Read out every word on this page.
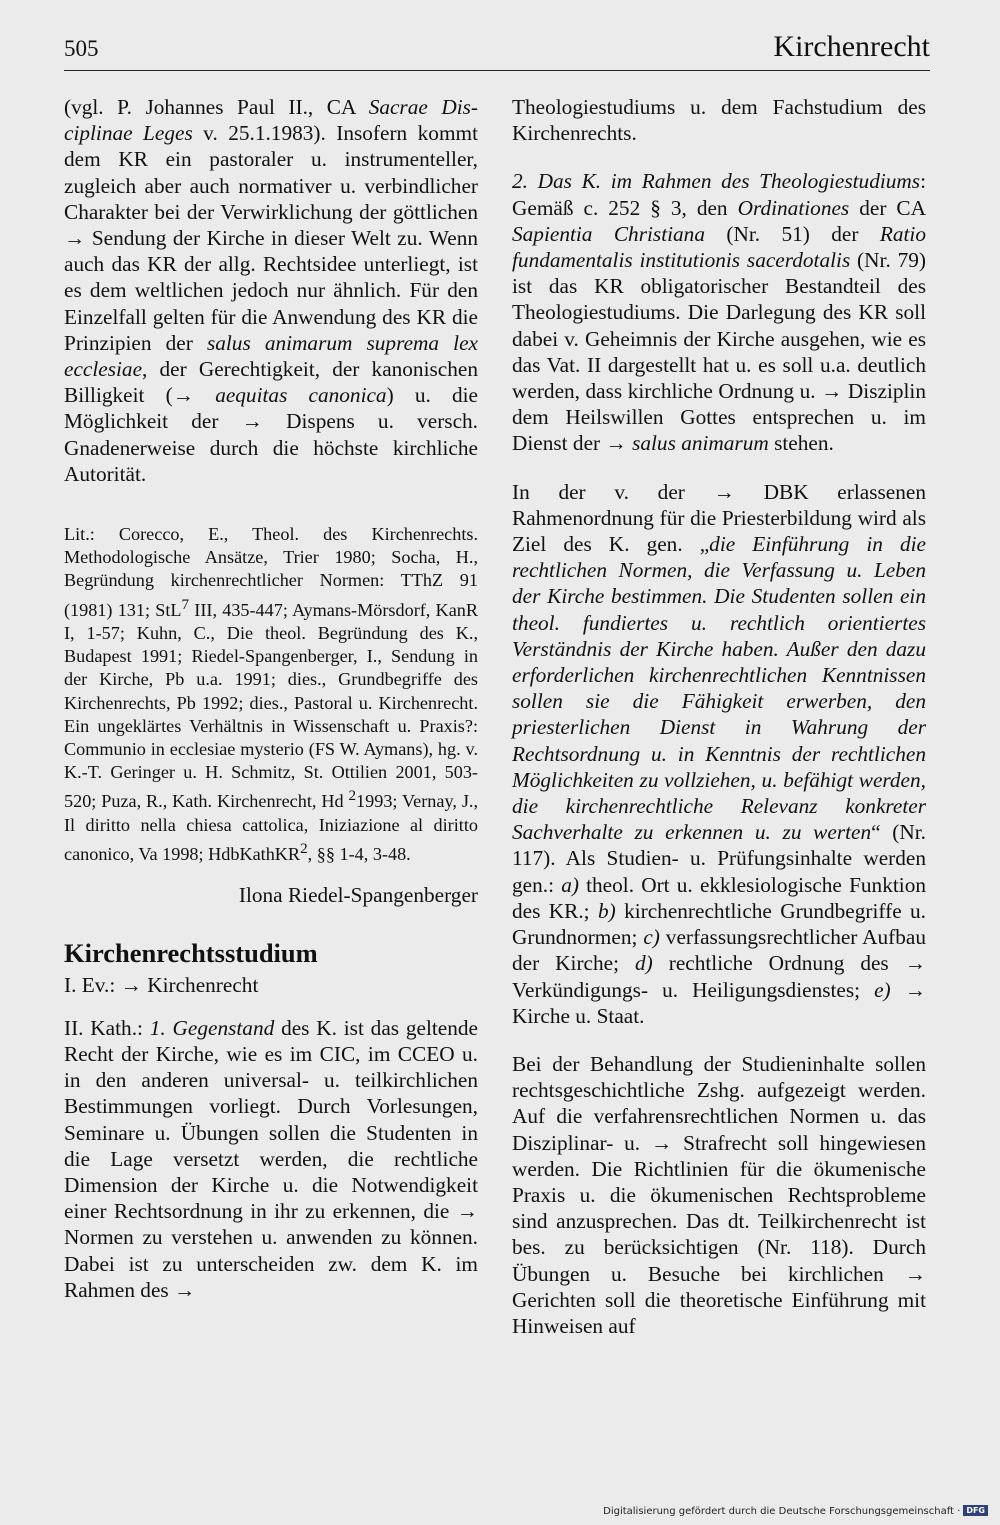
505	Kirchenrecht

(vgl. P. Johannes Paul II., CA Sacrae Dis-ciplinae Leges v. 25.1.1983). Insofern kommt dem KR ein pastoraler u. instrumenteller, zugleich aber auch normativer u. verbindlicher Charakter bei der Verwirklichung der göttlichen → Sendung der Kirche in dieser Welt zu. Wenn auch das KR der allg. Rechtsidee unterliegt, ist es dem weltlichen jedoch nur ähnlich. Für den Einzelfall gelten für die Anwendung des KR die Prinzipien der salus animarum suprema lex ecclesiae, der Gerechtigkeit, der kanonischen Billigkeit (→ aequitas canonica) u. die Möglichkeit der → Dispens u. versch. Gnadenerweise durch die höchste kirchliche Autorität.

Lit.: Corecco, E., Theol. des Kirchenrechts. Methodologische Ansätze, Trier 1980; Socha, H., Begründung kirchenrechtlicher Normen: TThZ 91 (1981) 131; StL$^7$ III, 435-447; Aymans-Mörsdorf, KanR I, 1-57; Kuhn, C., Die theol. Begründung des K., Budapest 1991; Riedel-Spangenberger, I., Sendung in der Kirche, Pb u.a. 1991; dies., Grundbegriffe des Kirchenrechts, Pb 1992; dies., Pastoral u. Kirchenrecht. Ein ungeklärtes Verhältnis in Wissenschaft u. Praxis?: Communio in ecclesiae mysterio (FS W. Aymans), hg. v. K.-T. Geringer u. H. Schmitz, St. Ottilien 2001, 503-520; Puza, R., Kath. Kirchenrecht, Hd $^2$1993; Vernay, J., Il diritto nella chiesa cattolica, Iniziazione al diritto canonico, Va 1998; HdbKathKR$^2$, §§ 1-4, 3-48.

Ilona Riedel-Spangenberger

Kirchenrechtsstudium

I. Ev.: → Kirchenrecht

II. Kath.: 1. Gegenstand des K. ist das geltende Recht der Kirche, wie es im CIC, im CCEO u. in den anderen universal- u. teilkirchlichen Bestimmungen vorliegt. Durch Vorlesungen, Seminare u. Übungen sollen die Studenten in die Lage versetzt werden, die rechtliche Dimension der Kirche u. die Notwendigkeit einer Rechtsordnung in ihr zu erkennen, die → Normen zu verstehen u. anwenden zu können. Dabei ist zu unterscheiden zw. dem K. im Rahmen des →

Theologiestudiums u. dem Fachstudium des Kirchenrechts.

2. Das K. im Rahmen des Theologiestudiums: Gemäß c. 252 § 3, den Ordinationes der CA Sapientia Christiana (Nr. 51) der Ratio fundamentalis institutionis sacerdotalis (Nr. 79) ist das KR obligatorischer Bestandteil des Theologiestudiums. Die Darlegung des KR soll dabei v. Geheimnis der Kirche ausgehen, wie es das Vat. II dargestellt hat u. es soll u.a. deutlich werden, dass kirchliche Ordnung u. → Disziplin dem Heilswillen Gottes entsprechen u. im Dienst der → salus animarum stehen.

In der v. der → DBK erlassenen Rahmenordnung für die Priesterbildung wird als Ziel des K. gen. „die Einführung in die rechtlichen Normen, die Verfassung u. Leben der Kirche bestimmen. Die Studenten sollen ein theol. fundiertes u. rechtlich orientiertes Verständnis der Kirche haben. Außer den dazu erforderlichen kirchenrechtlichen Kenntnissen sollen sie die Fähigkeit erwerben, den priesterlichen Dienst in Wahrung der Rechtsordnung u. in Kenntnis der rechtlichen Möglichkeiten zu vollziehen, u. befähigt werden, die kirchenrechtliche Relevanz konkreter Sachverhalte zu erkennen u. zu werten“ (Nr. 117). Als Studien- u. Prüfungsinhalte werden gen.: a) theol. Ort u. ekklesiologische Funktion des KR.; b) kirchenrechtliche Grundbegriffe u. Grundnormen; c) verfassungsrechtlicher Aufbau der Kirche; d) rechtliche Ordnung des → Verkündigungs- u. Heiligungsdienstes; e) → Kirche u. Staat.

Bei der Behandlung der Studieninhalte sollen rechtsgeschichtliche Zshg. aufgezeigt werden. Auf die verfahrensrechtlichen Normen u. das Disziplinar- u. → Strafrecht soll hingewiesen werden. Die Richtlinien für die ökumenische Praxis u. die ökumenischen Rechtsprobleme sind anzusprechen. Das dt. Teilkirchenrecht ist bes. zu berücksichtigen (Nr. 118). Durch Übungen u. Besuche bei kirchlichen → Gerichten soll die theoretische Einführung mit Hinweisen auf

Digitalisierung gefördert durch die Deutsche Forschungsgemeinschaft · DFG
